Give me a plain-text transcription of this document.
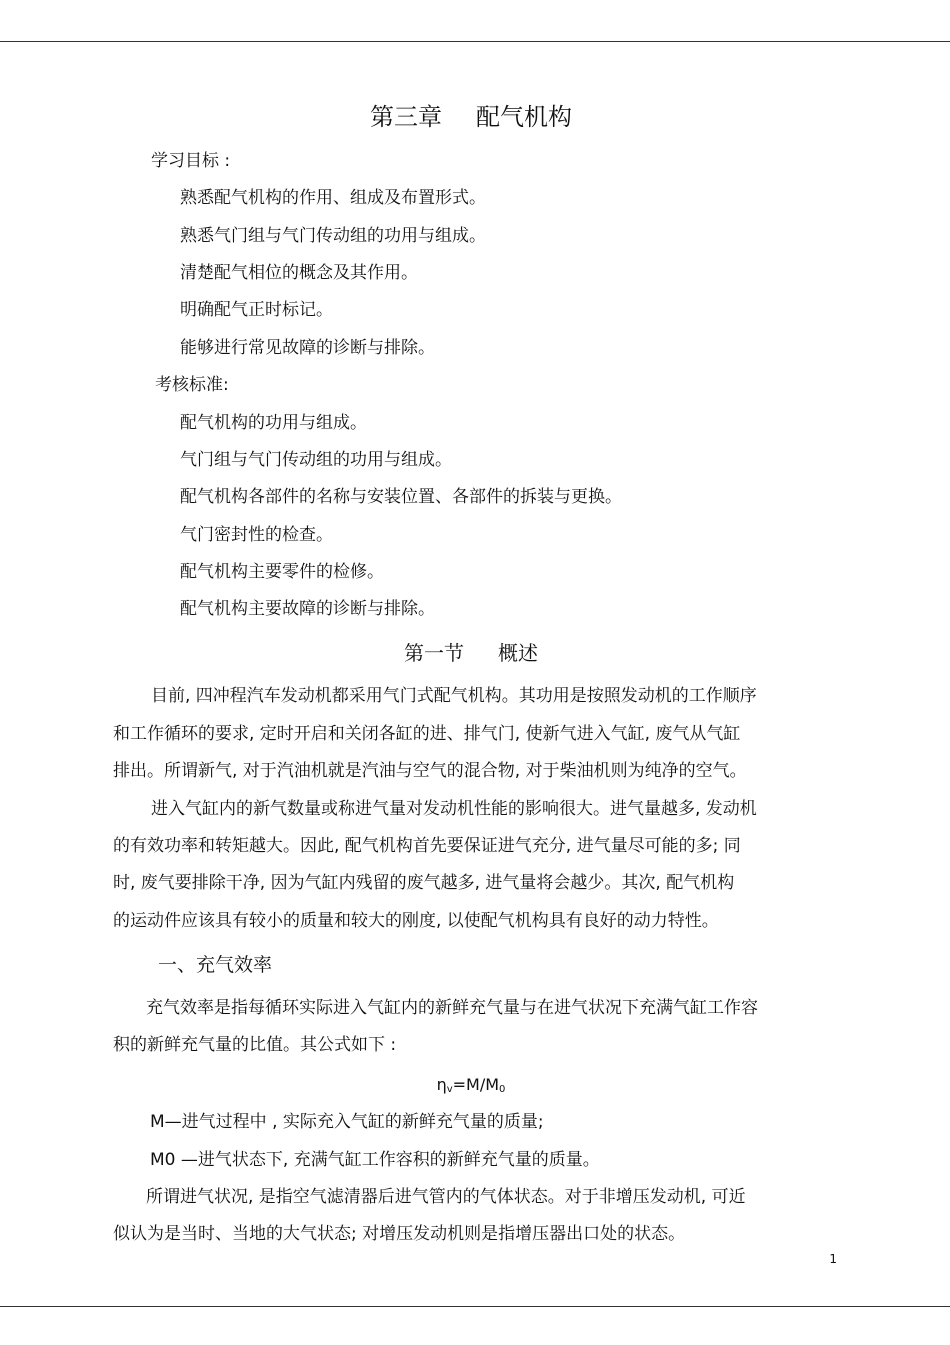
第三章 配气机构
学习目标 :
熟悉配气机构的作用、组成及布置形式。
熟悉气门组与气门传动组的功用与组成。
清楚配气相位的概念及其作用。
明确配气正时标记。
能够进行常见故障的诊断与排除。
考核标准:
配气机构的功用与组成。
气门组与气门传动组的功用与组成。
配气机构各部件的名称与安装位置、各部件的拆装与更换。
气门密封性的检查。
配气机构主要零件的检修。
配气机构主要故障的诊断与排除。
第一节 概述
目前, 四冲程汽车发动机都采用气门式配气机构。其功用是按照发动机的工作顺序
和工作循环的要求, 定时开启和关闭各缸的进、排气门, 使新气进入气缸, 废气从气缸
排出。所谓新气, 对于汽油机就是汽油与空气的混合物, 对于柴油机则为纯净的空气。
进入气缸内的新气数量或称进气量对发动机性能的影响很大。进气量越多, 发动机
的有效功率和转矩越大。因此, 配气机构首先要保证进气充分, 进气量尽可能的多; 同
时, 废气要排除干净, 因为气缸内残留的废气越多, 进气量将会越少。其次, 配气机构
的运动件应该具有较小的质量和较大的刚度, 以使配气机构具有良好的动力特性。
一、充气效率
充气效率是指每循环实际进入气缸内的新鲜充气量与在进气状况下充满气缸工作容
积的新鲜充气量的比值。其公式如下 :
$\eta_v=M/M_0$
M—进气过程中 , 实际充入气缸的新鲜充气量的质量;
M0 —进气状态下, 充满气缸工作容积的新鲜充气量的质量。
所谓进气状况, 是指空气滤清器后进气管内的气体状态。对于非增压发动机, 可近
似认为是当时、当地的大气状态; 对增压发动机则是指增压器出口处的状态。
1
